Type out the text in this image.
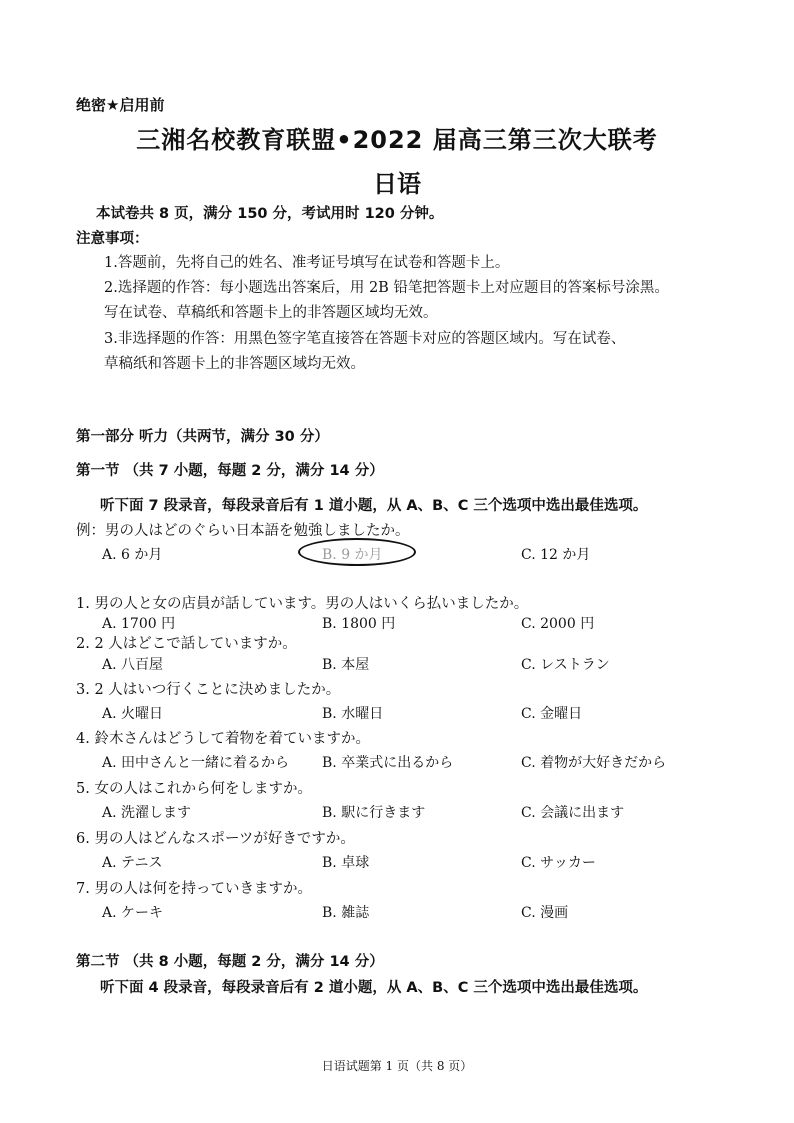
绝密★启用前
三湘名校教育联盟•2022 届高三第三次大联考
日语
本试卷共 8 页，满分 150 分，考试用时 120 分钟。
注意事项：
1.答题前，先将自己的姓名、准考证号填写在试卷和答题卡上。
2.选择题的作答：每小题选出答案后，用 2B 铅笔把答题卡上对应题目的答案标号涂黑。
写在试卷、草稿纸和答题卡上的非答题区域均无效。
3.非选择题的作答：用黑色签字笔直接答在答题卡对应的答题区域内。写在试卷、
草稿纸和答题卡上的非答题区域均无效。
第一部分 听力（共两节，满分 30 分）
第一节 （共 7 小题，每题 2 分，满分 14 分）
听下面 7 段录音，每段录音后有 1 道小题，从 A、B、C 三个选项中选出最佳选项。
例：男の人はどのぐらい日本語を勉強しましたか。
A. 6 か月	B. 9 か月	C. 12 か月
1. 男の人と女の店員が話しています。男の人はいくら払いましたか。
A. 1700 円	B. 1800 円	C. 2000 円
2. 2 人はどこで話していますか。
A. 八百屋	B. 本屋	C. レストラン
3. 2 人はいつ行くことに決めましたか。
A. 火曜日	B. 水曜日	C. 金曜日
4. 鈴木さんはどうして着物を着ていますか。
A. 田中さんと一緒に着るから B. 卒業式に出るから	C. 着物が大好きだから
5. 女の人はこれから何をしますか。
A. 洗濯します	B. 駅に行きます	C. 会議に出ます
6. 男の人はどんなスポーツが好きですか。
A. テニス	B. 卓球	C. サッカー
7. 男の人は何を持っていきますか。
A. ケーキ	B. 雑誌	C. 漫画
第二节 （共 8 小题，每题 2 分，满分 14 分）
听下面 4 段录音，每段录音后有 2 道小题，从 A、B、C 三个选项中选出最佳选项。
日语试题第 1 页（共 8 页）
